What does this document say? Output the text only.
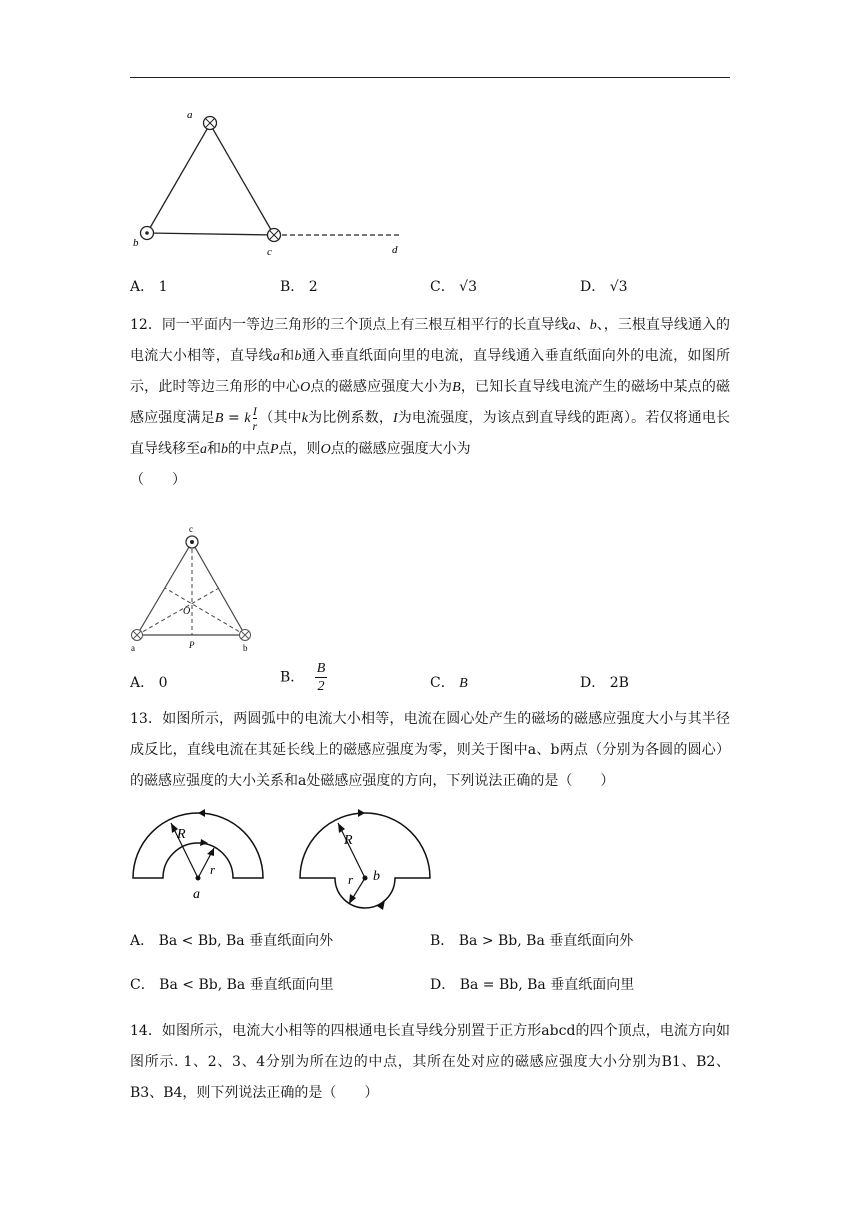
a
b
c	d
A． 1	B． 2	C． √3	D． √3
12．同一平面内一等边三角形的三个顶点上有三根互相平行的长直导线a、b、，三根直导线通入的电流大小相等，直导线a和b通入垂直纸面向里的电流，直导线通入垂直纸面向外的电流，如图所示，此时等边三角形的中心O点的磁感应强度大小为B，已知长直导线电流产生的磁场中某点的磁感应强度满足B = k $\frac{I}{r}$ （其中k为比例系数，I为电流强度，为该点到直导线的距离）。若仅将通电长直导线移至a和b的中点P点，则O点的磁感应强度大小为
（　　）
c
O
a	P	b
A． 0	B． $\frac{B}{2}$	C． B	D． 2B
13．如图所示，两圆弧中的电流大小相等，电流在圆心处产生的磁场的磁感应强度大小与其半径成反比，直线电流在其延长线上的磁感应强度为零，则关于图中a、b两点（分别为各圆的圆心）的磁感应强度的大小关系和a处磁感应强度的方向，下列说法正确的是（　　）
R
r
a
R
r b
A． Ba < Bb, Ba 垂直纸面向外	B． Ba > Bb, Ba 垂直纸面向外
C． Ba < Bb, Ba 垂直纸面向里	D． Ba = Bb, Ba 垂直纸面向里
14．如图所示，电流大小相等的四根通电长直导线分别置于正方形abcd的四个顶点，电流方向如图所示. 1、2、3、4分别为所在边的中点，其所在处对应的磁感应强度大小分别为B1、B2、B3、B4，则下列说法正确的是（　　）
